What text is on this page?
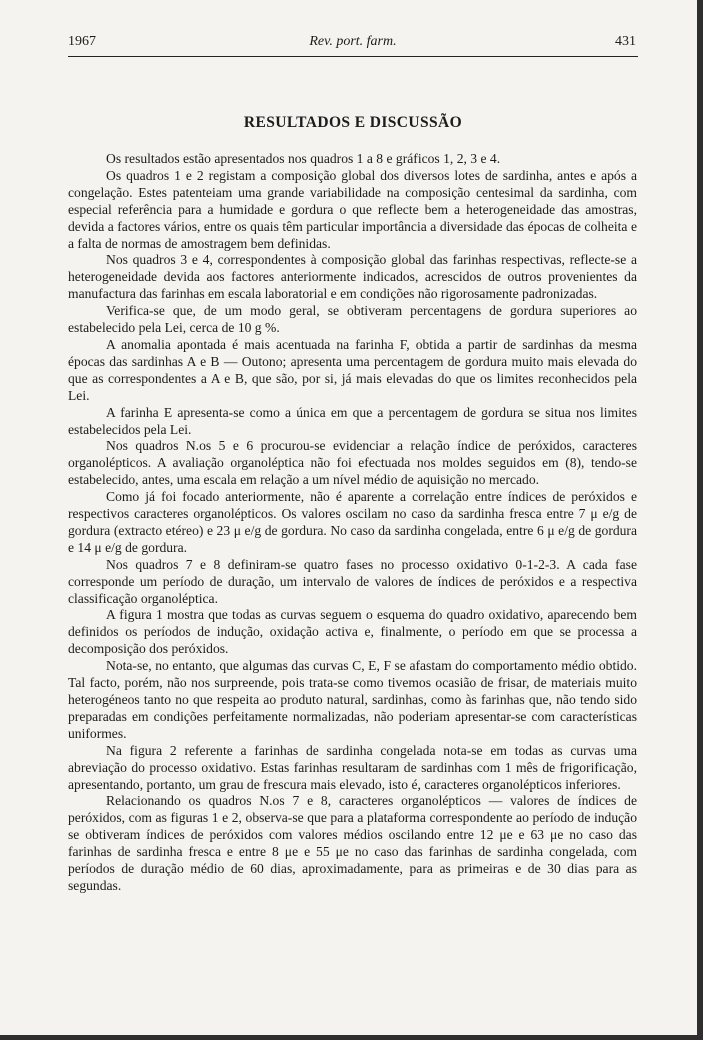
1967	Rev. port. farm.	431
RESULTADOS E DISCUSSÃO

Os resultados estão apresentados nos quadros 1 a 8 e gráficos 1, 2, 3 e 4.

Os quadros 1 e 2 registam a composição global dos diversos lotes de sardinha, antes e após a congelação. Estes patenteiam uma grande variabilidade na composição centesimal da sardinha, com especial referência para a humidade e gordura o que reflecte bem a heterogeneidade das amostras, devida a factores vários, entre os quais têm particular importância a diversidade das épocas de colheita e a falta de normas de amostragem bem definidas.

Nos quadros 3 e 4, correspondentes à composição global das farinhas respectivas, reflecte-se a heterogeneidade devida aos factores anteriormente indicados, acrescidos de outros provenientes da manufactura das farinhas em escala laboratorial e em condições não rigorosamente padronizadas.

Verifica-se que, de um modo geral, se obtiveram percentagens de gordura superiores ao estabelecido pela Lei, cerca de 10 g %.

A anomalia apontada é mais acentuada na farinha F, obtida a partir de sardinhas da mesma épocas das sardinhas A e B — Outono; apresenta uma percentagem de gordura muito mais elevada do que as correspondentes a A e B, que são, por si, já mais elevadas do que os limites reconhecidos pela Lei.

A farinha E apresenta-se como a única em que a percentagem de gordura se situa nos limites estabelecidos pela Lei.

Nos quadros N.os 5 e 6 procurou-se evidenciar a relação índice de peróxidos, caracteres organolépticos. A avaliação organoléptica não foi efectuada nos moldes seguidos em (8), tendo-se estabelecido, antes, uma escala em relação a um nível médio de aquisição no mercado.

Como já foi focado anteriormente, não é aparente a correlação entre índices de peróxidos e respectivos caracteres organolépticos. Os valores oscilam no caso da sardinha fresca entre 7 μ e/g de gordura (extracto etéreo) e 23 μ e/g de gordura. No caso da sardinha congelada, entre 6 μ e/g de gordura e 14 μ e/g de gordura.

Nos quadros 7 e 8 definiram-se quatro fases no processo oxidativo 0-1-2-3. A cada fase corresponde um período de duração, um intervalo de valores de índices de peróxidos e a respectiva classificação organoléptica.

A figura 1 mostra que todas as curvas seguem o esquema do quadro oxidativo, aparecendo bem definidos os períodos de indução, oxidação activa e, finalmente, o período em que se processa a decomposição dos peróxidos.

Nota-se, no entanto, que algumas das curvas C, E, F se afastam do comportamento médio obtido. Tal facto, porém, não nos surpreende, pois trata-se como tivemos ocasião de frisar, de materiais muito heterogéneos tanto no que respeita ao produto natural, sardinhas, como às farinhas que, não tendo sido preparadas em condições perfeitamente normalizadas, não poderiam apresentar-se com características uniformes.

Na figura 2 referente a farinhas de sardinha congelada nota-se em todas as curvas uma abreviação do processo oxidativo. Estas farinhas resultaram de sardinhas com 1 mês de frigorificação, apresentando, portanto, um grau de frescura mais elevado, isto é, caracteres organolépticos inferiores.

Relacionando os quadros N.os 7 e 8, caracteres organolépticos — valores de índices de peróxidos, com as figuras 1 e 2, observa-se que para a plataforma correspondente ao período de indução se obtiveram índices de peróxidos com valores médios oscilando entre 12 μe e 63 μe no caso das farinhas de sardinha fresca e entre 8 μe e 55 μe no caso das farinhas de sardinha congelada, com períodos de duração médio de 60 dias, aproximadamente, para as primeiras e de 30 dias para as segundas.
